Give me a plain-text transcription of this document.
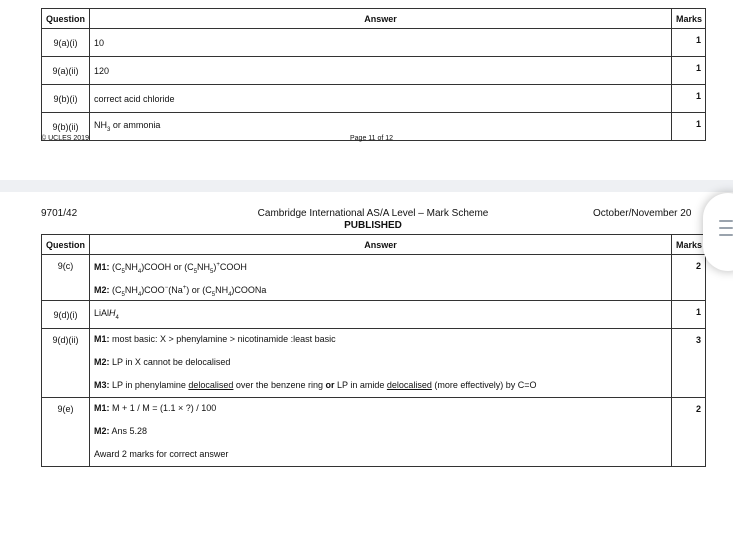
Question	Answer	Marks
9(a)(i)	10	1
9(a)(ii)	120	1
9(b)(i)	correct acid chloride	1
9(b)(ii)	$NH_3$ or ammonia	1
© UCLES 2019	Page 11 of 12
9701/42	Cambridge International AS/A Level – Mark Scheme
PUBLISHED
October/November 20
Question	Answer	Marks
9(c)	M1: $(C_5NH_4)COOH$ or $(C_5NH_5)^+COOH$
M2: $(C_5NH_4)COO^-(Na^+)$ or $(C_5NH_4)COONa$	2
9(d)(i)	LiAlH$_4$	1
9(d)(ii)	M1: most basic: X > phenylamine > nicotinamide :least basic
M2: LP in X cannot be delocalised
M3: LP in phenylamine delocalised over the benzene ring or LP in amide delocalised (more effectively) by C=O	3
9(e)	M1: M + 1 / M = (1.1 × ?) / 100
M2: Ans 5.28
Award 2 marks for correct answer	2
